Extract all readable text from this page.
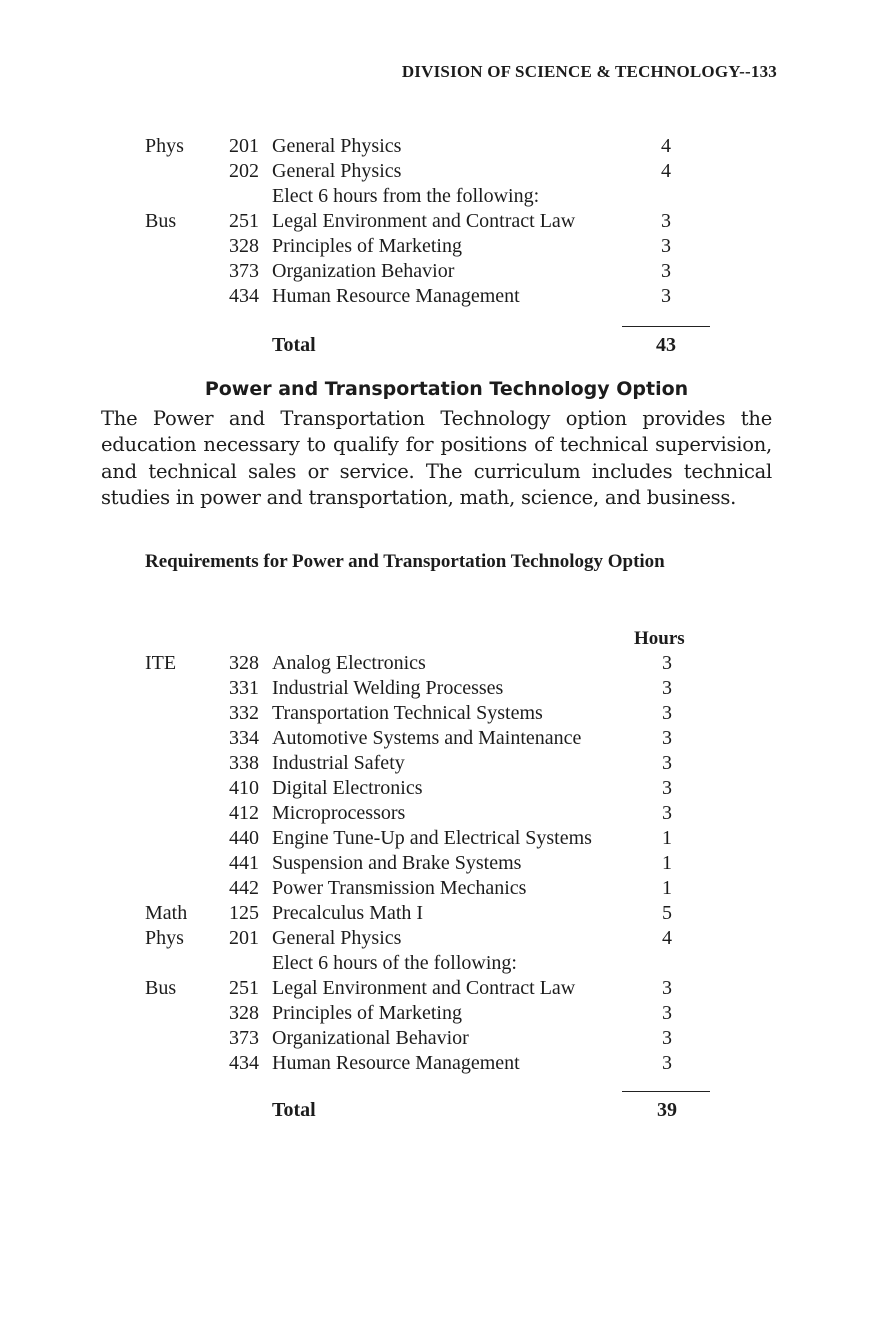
DIVISION OF SCIENCE & TECHNOLOGY--133
Phys 201 General Physics	4
202 General Physics	4
Elect 6 hours from the following:
Bus	251 Legal Environment and Contract Law	3
328 Principles of Marketing	3
373 Organization Behavior	3
434 Human Resource Management	3
Total	43
Power and Transportation Technology Option
The Power and Transportation Technology option provides the education necessary to qualify for positions of technical supervision, and technical sales or service. The curriculum includes technical studies in power and transportation, math, science, and business.
Requirements for Power and Transportation Technology Option
Hours
ITE	328 Analog Electronics	3
331 Industrial Welding Processes	3
332 Transportation Technical Systems	3
334 Automotive Systems and Maintenance	3
338 Industrial Safety	3
410 Digital Electronics	3
412 Microprocessors	3
440 Engine Tune-Up and Electrical Systems	1
441 Suspension and Brake Systems	1
442 Power Transmission Mechanics	1
Math 125 Precalculus Math I	5
Phys 201 General Physics	4
Elect 6 hours of the following:
Bus	251 Legal Environment and Contract Law	3
328 Principles of Marketing	3
373 Organizational Behavior	3
434 Human Resource Management	3
Total	39
